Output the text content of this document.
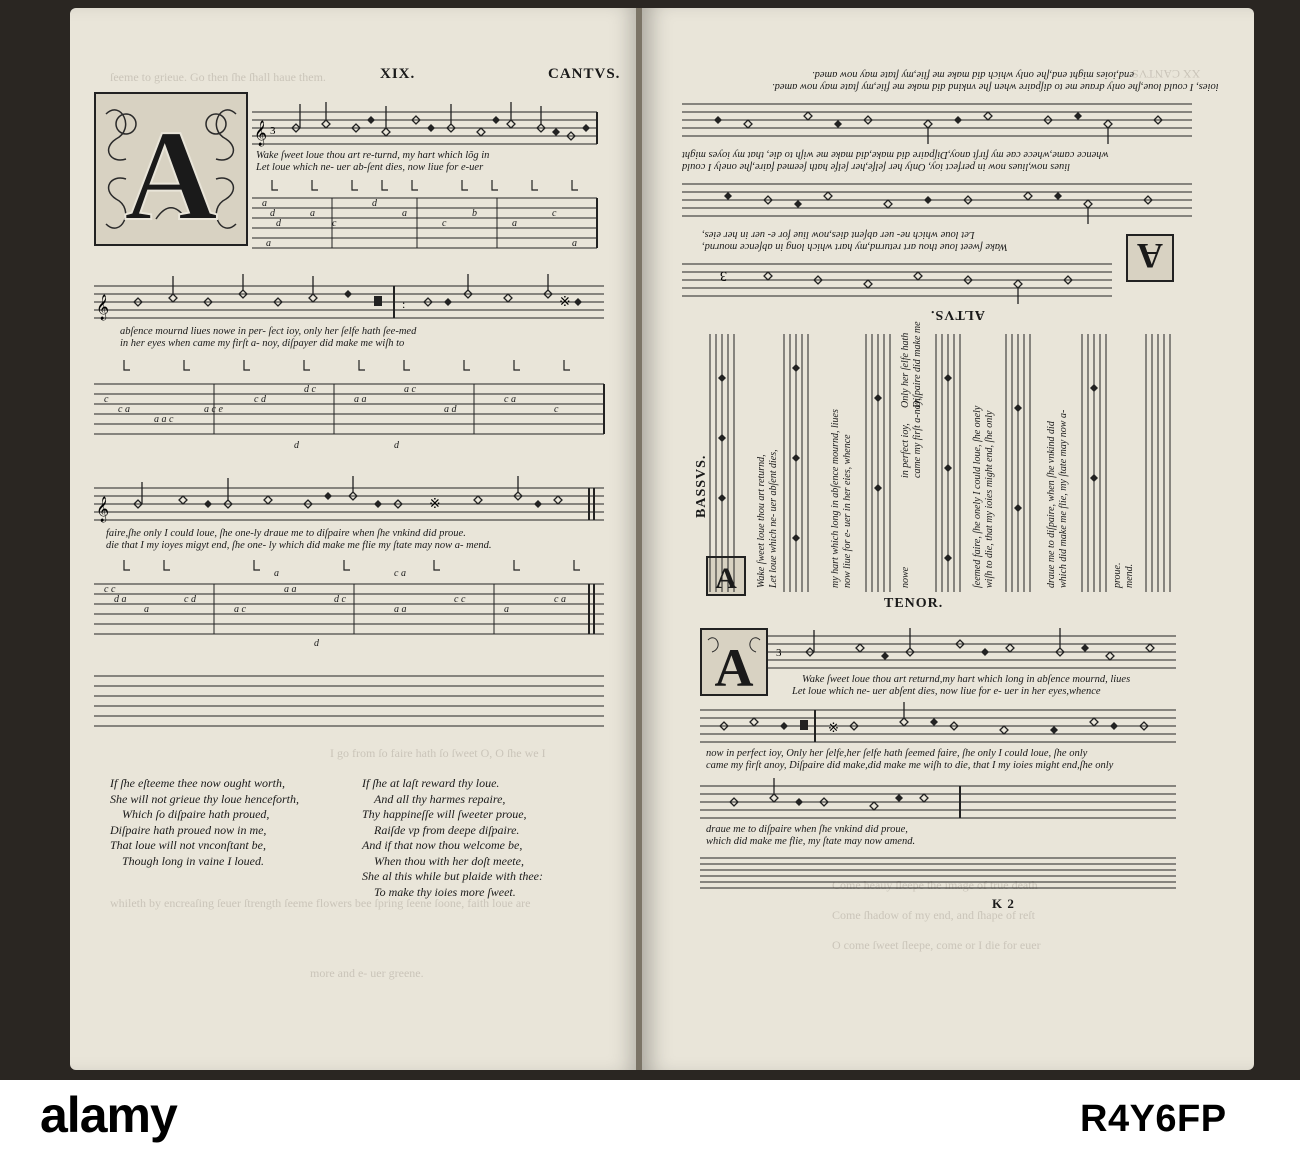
ſeeme to grieue. Go then ſhe ſhall haue them.	XIX.	CANTVS.
A 𝄞 3
Wake ſweet loue thou art re-turnd, my hart which lõg in
Let loue which ne- uer ab-ſent dies, now liue for e-uer
a
d
d
a
a
c
d
a
c
b
a
c
a
𝄞	:	※
abſence mournd liues nowe in per- ſect ioy, only her ſelfe hath ſee-med
in her eyes when came my firſt a- noy, diſpayer did make me wiſh to
c
c a
a a c
a c e
c d
d c
a a
a c
a d
c a
c
d	d
𝄞	※
faire,ſhe only I could loue, ſhe one-ly draue me to diſpaire when ſhe vnkind did proue.
die that I my ioyes migyt end, ſhe one- ly which did make me flie my ſtate may now a- mend.
c c
d a
a
c d
a c
a a
d c
a a
c c
a
c a
a	c a
d
I go from ſo faire hath ſo ſweet O, O ſhe we I
If ſhe eſteeme thee now ought worth,
She will not grieue thy loue henceforth,
Which ſo diſpaire hath proued,
Diſpaire hath proued now in me,
That loue will not vnconſtant be,
Though long in vaine I loued.
If ſhe at laſt reward thy loue.
And all thy harmes repaire,
Thy happineſſe will ſweeter proue,
Raiſde vp from deepe diſpaire.
And if that now thou welcome be,
When thou with her doſt meete,
She al this while but plaide with thee:
To make thy ioies more ſweet.
whileth by encreaſing ſeuer ſtrength ſeeme flowers bee ſpring ſeene ſoone, faith loue are
more and e- uer greene.
XX CANTVS
end,ioies might end,ſhe only which did make me flie,my ſtate may now amed.
ioies, I could loue,ſhe only draue me to diſpaire when ſhe vnkind did make me flie,my ſtate may now amed.
whence came,whece cae my firſt anoy,Diſpaire did make,did make me wiſh to die, that my ioyes might
liues now,liues now in perfect ioy, Only her ſelfe,her ſelfe hath ſeemed faire,ſhe onely I could
Let loue which ne- uer abſent dies,now liue for e- uer in her eies,
Wake ſweet loue thou art returnd,my hart which long in abſence mournd,
3	A
ALTVS.
BASSVS.
A Wake ſweet loue thou art returnd, Let loue which ne- uer abſent dies,	my hart which long in abſence mournd, liues now liue for e- uer in her eies, whence	in perfect ioy, came my firſt a-noy,
nowe
Only her ſelfe hath Diſpaire did make me
ſeemed faire, ſhe onely I could loue, ſhe onely wiſh to die, that my ioies might end, ſhe only	draue me to diſpaire, when ſhe vnkind did which did make me flie, my ſtate may now a-	proue. mend.
TENOR.
A 3
Wake ſweet loue thou art returnd,my hart which long in abſence mournd, liues
Let loue which ne- uer abſent dies, now liue for e- uer in her eyes,whence
※
now in perfect ioy, Only her ſelfe,her ſelfe hath ſeemed faire, ſhe only I could loue, ſhe only
came my firſt anoy, Diſpaire did make,did make me wiſh to die, that I my ioies might end,ſhe only
draue me to diſpaire when ſhe vnkind did proue,
which did make me flie, my ſtate may now amend.
K 2
Come heauy ſleepe the image of true death
Come ſhadow of my end, and ſhape of reſt
O come ſweet ſleepe, come or I die for euer
alamy	R4Y6FP
